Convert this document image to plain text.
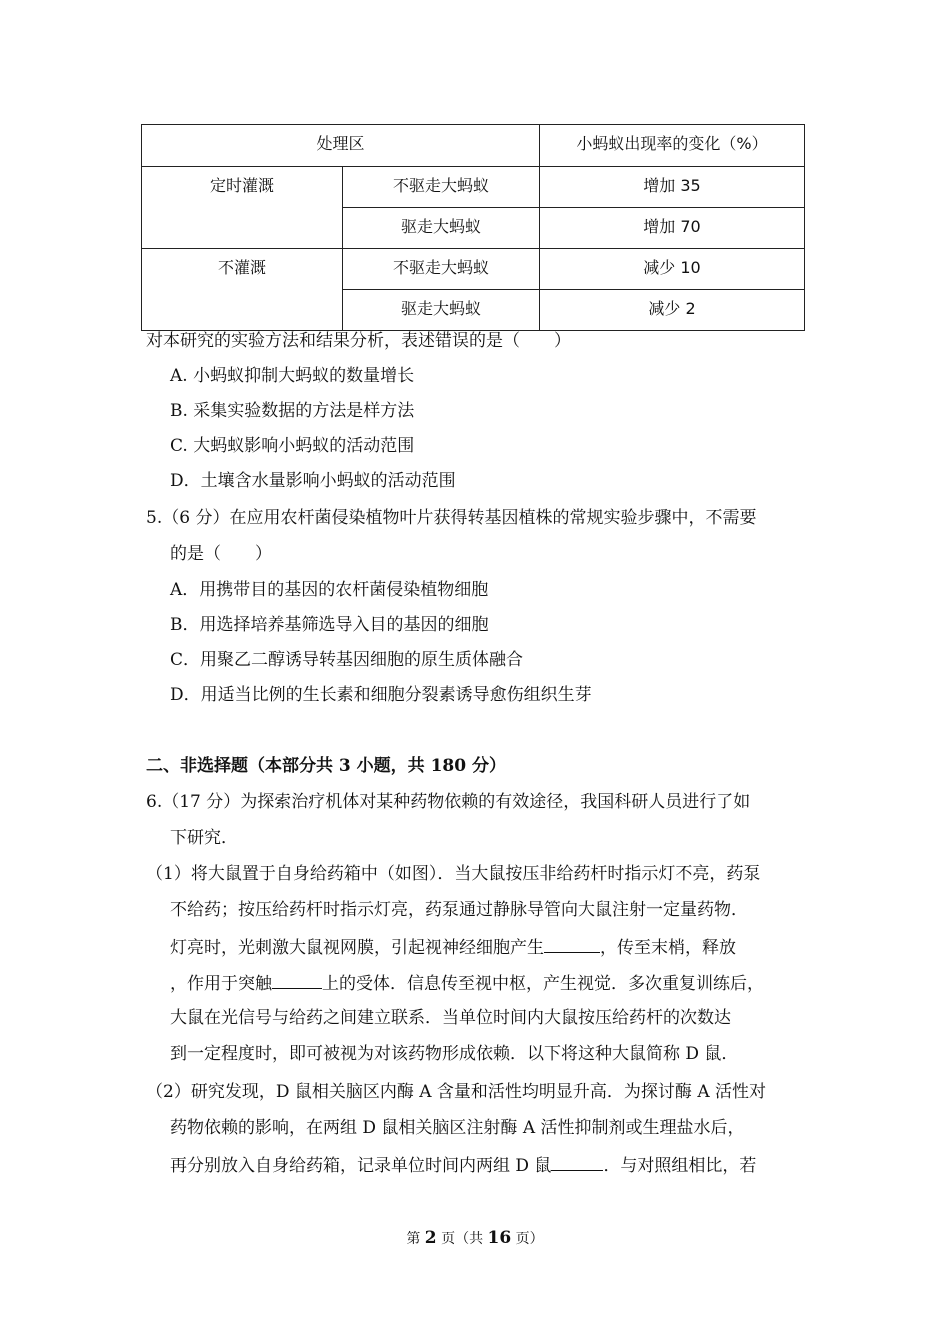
处理区		小蚂蚁出现率的变化（%）
定时灌溉	不驱走大蚂蚁	增加 35
	驱走大蚂蚁	增加 70
不灌溉	不驱走大蚂蚁	减少 10
	驱走大蚂蚁	减少 2
对本研究的实验方法和结果分析，表述错误的是（　　）
A. 小蚂蚁抑制大蚂蚁的数量增长
B. 采集实验数据的方法是样方法
C. 大蚂蚁影响小蚂蚁的活动范围
D．土壤含水量影响小蚂蚁的活动范围
5.（6 分）在应用农杆菌侵染植物叶片获得转基因植株的常规实验步骤中，不需要
的是（　　）
A．用携带目的基因的农杆菌侵染植物细胞
B．用选择培养基筛选导入目的基因的细胞
C．用聚乙二醇诱导转基因细胞的原生质体融合
D．用适当比例的生长素和细胞分裂素诱导愈伤组织生芽
二、非选择题（本部分共 3 小题，共 180 分）
6.（17 分）为探索治疗机体对某种药物依赖的有效途径，我国科研人员进行了如
下研究．
（1）将大鼠置于自身给药箱中（如图）．当大鼠按压非给药杆时指示灯不亮，药泵
不给药；按压给药杆时指示灯亮，药泵通过静脉导管向大鼠注射一定量药物．
灯亮时，光刺激大鼠视网膜，引起视神经细胞产生	，传至末梢，释放
，作用于突触	上的受体．信息传至视中枢，产生视觉．多次重复训练后，
大鼠在光信号与给药之间建立联系．当单位时间内大鼠按压给药杆的次数达
到一定程度时，即可被视为对该药物形成依赖．以下将这种大鼠简称 D 鼠．
（2）研究发现，D 鼠相关脑区内酶 A 含量和活性均明显升高．为探讨酶 A 活性对
药物依赖的影响，在两组 D 鼠相关脑区注射酶 A 活性抑制剂或生理盐水后，
再分别放入自身给药箱，记录单位时间内两组 D 鼠	．与对照组相比，若
第 2 页（共 16 页）
